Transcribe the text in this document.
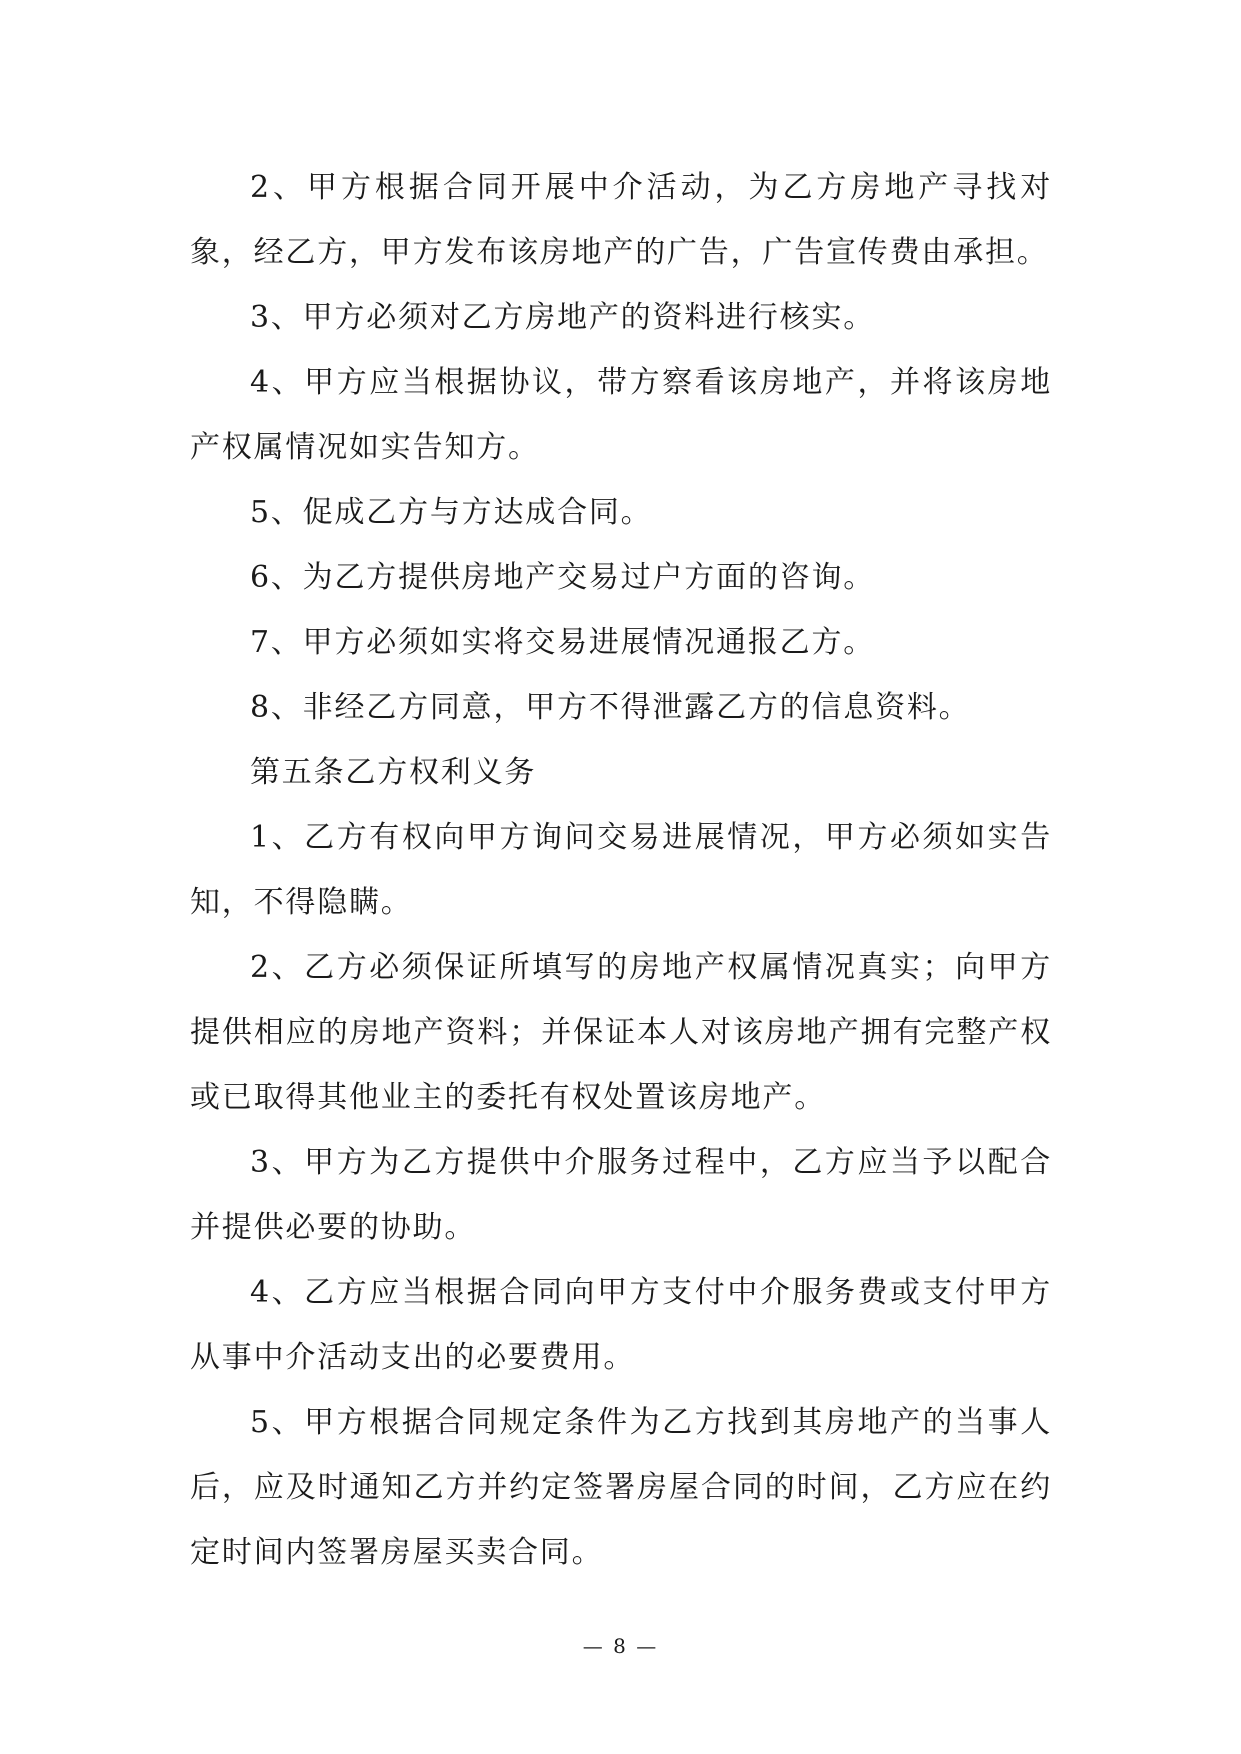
2、甲方根据合同开展中介活动，为乙方房地产寻找对象，经乙方，甲方发布该房地产的广告，广告宣传费由承担。

3、甲方必须对乙方房地产的资料进行核实。

4、甲方应当根据协议，带方察看该房地产，并将该房地产权属情况如实告知方。

5、促成乙方与方达成合同。

6、为乙方提供房地产交易过户方面的咨询。

7、甲方必须如实将交易进展情况通报乙方。

8、非经乙方同意，甲方不得泄露乙方的信息资料。

第五条乙方权利义务

1、乙方有权向甲方询问交易进展情况，甲方必须如实告知，不得隐瞒。

2、乙方必须保证所填写的房地产权属情况真实；向甲方提供相应的房地产资料；并保证本人对该房地产拥有完整产权或已取得其他业主的委托有权处置该房地产。

3、甲方为乙方提供中介服务过程中，乙方应当予以配合并提供必要的协助。

4、乙方应当根据合同向甲方支付中介服务费或支付甲方从事中介活动支出的必要费用。

5、甲方根据合同规定条件为乙方找到其房地产的当事人后，应及时通知乙方并约定签署房屋合同的时间，乙方应在约定时间内签署房屋买卖合同。

— 8 —
